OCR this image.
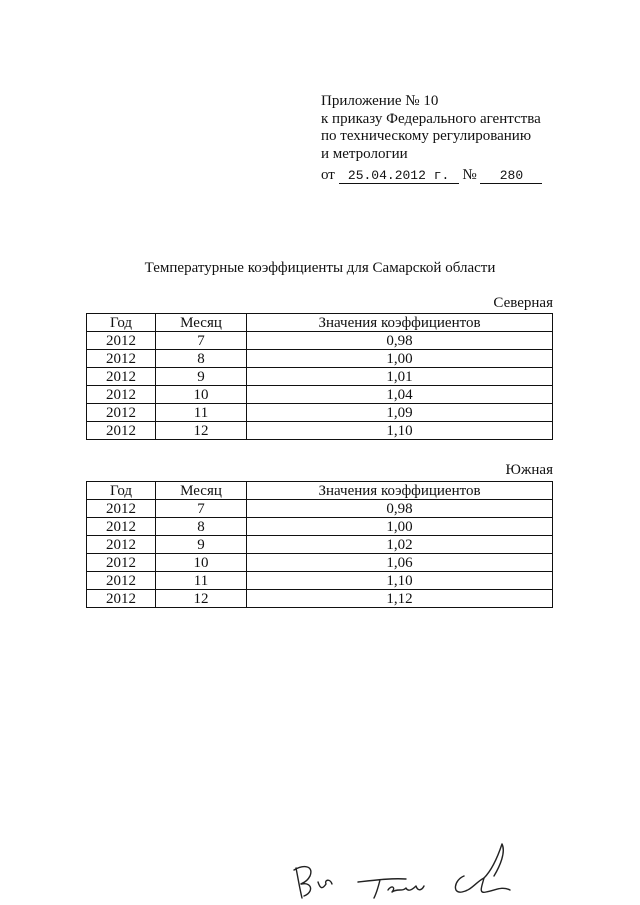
Приложение № 10
к приказу Федерального агентства
по техническому регулированию
и метрологии
от 25.04.2012 г. № 280
Температурные коэффициенты для Самарской области
Северная
Год	Месяц	Значения коэффициентов
2012	7	0,98
2012	8	1,00
2012	9	1,01
2012	10	1,04
2012	11	1,09
2012	12	1,10
Южная
Год	Месяц	Значения коэффициентов
2012	7	0,98
2012	8	1,00
2012	9	1,02
2012	10	1,06
2012	11	1,10
2012	12	1,12
